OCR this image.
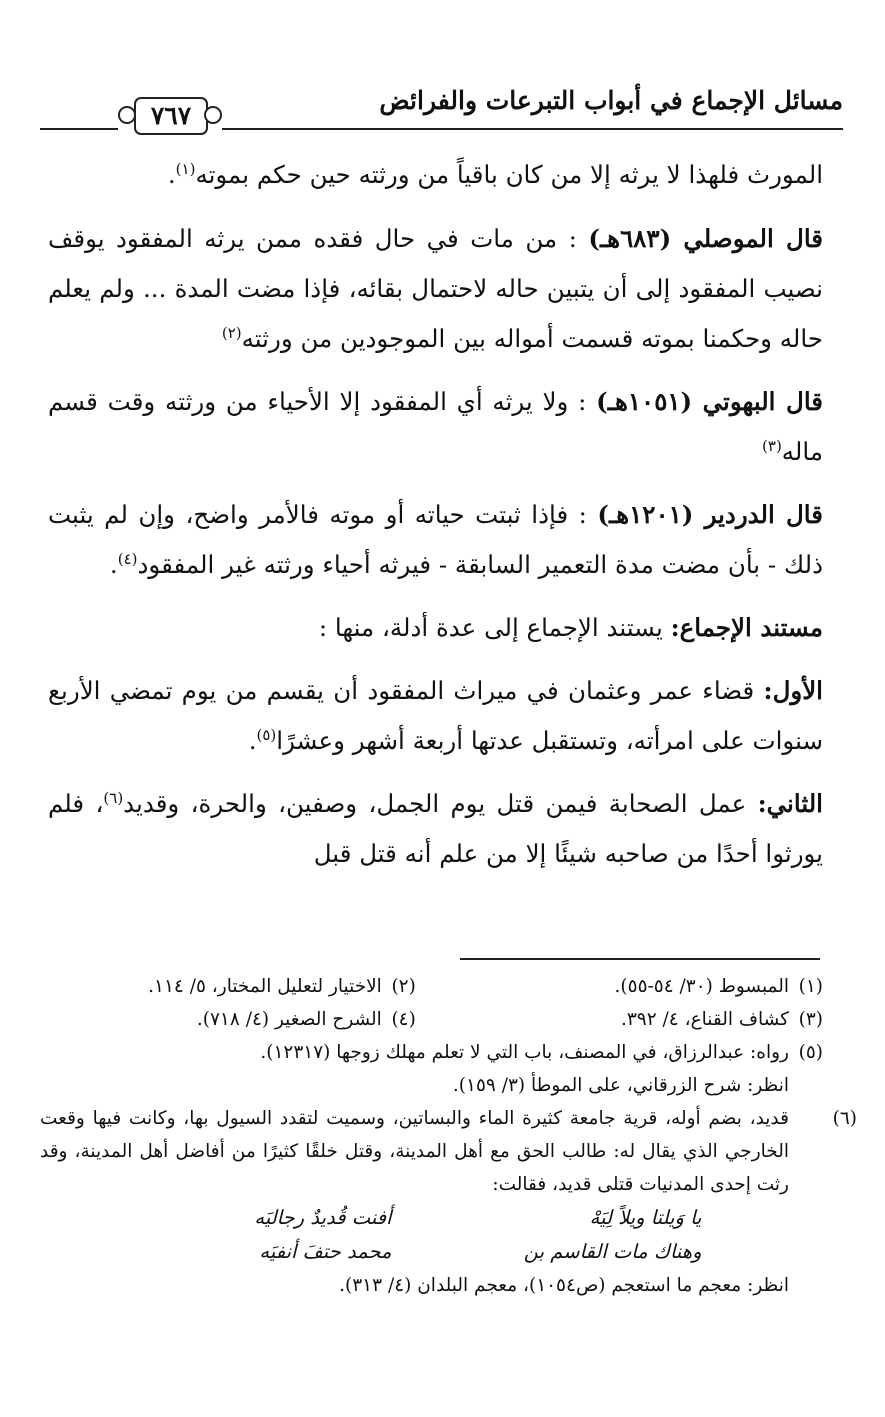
مسائل الإجماع في أبواب التبرعات والفرائض
٧٦٧

المورث فلهذا لا يرثه إلا من كان باقياً من ورثته حين حكم بموته$^{(١)}$.

قال الموصلي (٦٨٣هـ) : من مات في حال فقده ممن يرثه المفقود يوقف نصيب المفقود إلى أن يتبين حاله لاحتمال بقائه، فإذا مضت المدة ... ولم يعلم حاله وحكمنا بموته قسمت أمواله بين الموجودين من ورثته$^{(٢)}$

قال البهوتي (١٠٥١هـ) : ولا يرثه أي المفقود إلا الأحياء من ورثته وقت قسم ماله$^{(٣)}$

قال الدردير (١٢٠١هـ) : فإذا ثبتت حياته أو موته فالأمر واضح، وإن لم يثبت ذلك - بأن مضت مدة التعمير السابقة - فيرثه أحياء ورثته غير المفقود$^{(٤)}$.

مستند الإجماع: يستند الإجماع إلى عدة أدلة، منها :

الأول: قضاء عمر وعثمان في ميراث المفقود أن يقسم من يوم تمضي الأربع سنوات على امرأته، وتستقبل عدتها أربعة أشهر وعشرًا$^{(٥)}$.

الثاني: عمل الصحابة فيمن قتل يوم الجمل، وصفين، والحرة، وقديد$^{(٦)}$، فلم يورثوا أحدًا من صاحبه شيئًا إلا من علم أنه قتل قبل

(١)المبسوط (٣٠/ ٥٤-٥٥).
(٢)الاختيار لتعليل المختار، ٥/ ١١٤.
(٣)كشاف القناع، ٤/ ٣٩٢.
(٤)الشرح الصغير (٤/ ٧١٨).
(٥)رواه: عبدالرزاق، في المصنف، باب التي لا تعلم مهلك زوجها (١٢٣١٧).
انظر: شرح الزرقاني، على الموطأ (٣/ ١٥٩).
(٦)قديد، بضم أوله، قرية جامعة كثيرة الماء والبساتين، وسميت لتقدد السيول بها، وكانت فيها وقعت الخارجي الذي يقال له: طالب الحق مع أهل المدينة، وقتل خلقًا كثيرًا من أفاضل أهل المدينة، وقد رثت إحدى المدنيات قتلى قديد، فقالت:
يا وَيلتا ويلاً لِيَهْ
أفنت قُديدٌ رجاليَه
وهناك مات القاسم بن
محمد حتفَ أنفيَه
انظر: معجم ما استعجم (ص١٠٥٤)، معجم البلدان (٤/ ٣١٣).
